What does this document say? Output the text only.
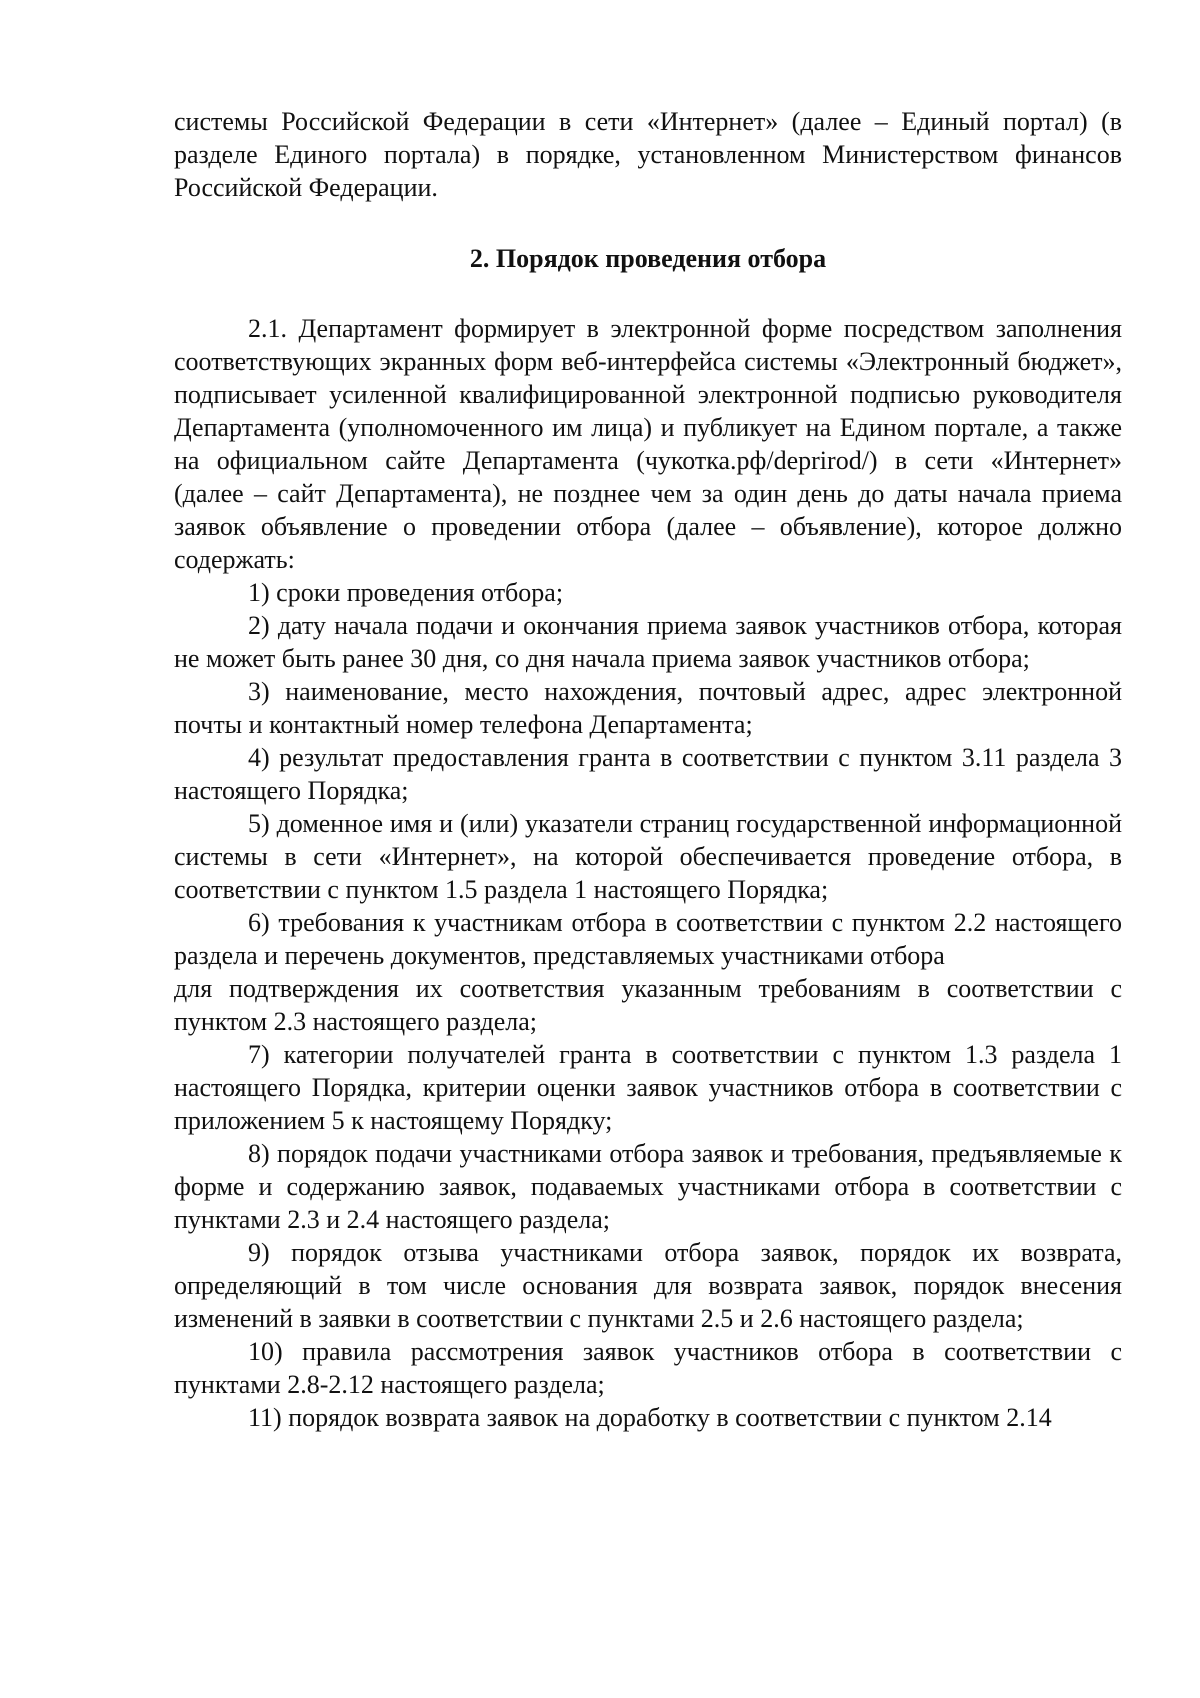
системы Российской Федерации в сети «Интернет» (далее – Единый портал) (в разделе Единого портала) в порядке, установленном Министерством финансов Российской Федерации.

2. Порядок проведения отбора

2.1. Департамент формирует в электронной форме посредством заполнения соответствующих экранных форм веб-интерфейса системы «Электронный бюджет», подписывает усиленной квалифицированной электронной подписью руководителя Департамента (уполномоченного им лица) и публикует на Едином портале, а также на официальном сайте Департамента (чукотка.рф/deprirod/) в сети «Интернет» (далее – сайт Департамента), не позднее чем за один день до даты начала приема заявок объявление о проведении отбора (далее – объявление), которое должно содержать:

1) сроки проведения отбора;

2) дату начала подачи и окончания приема заявок участников отбора, которая не может быть ранее 30 дня, со дня начала приема заявок участников отбора;

3) наименование, место нахождения, почтовый адрес, адрес электронной почты и контактный номер телефона Департамента;

4) результат предоставления гранта в соответствии с пунктом 3.11 раздела 3 настоящего Порядка;

5) доменное имя и (или) указатели страниц государственной информационной системы в сети «Интернет», на которой обеспечивается проведение отбора, в соответствии с пунктом 1.5 раздела 1 настоящего Порядка;

6) требования к участникам отбора в соответствии с пунктом 2.2 настоящего раздела и перечень документов, представляемых участниками отбора

для подтверждения их соответствия указанным требованиям в соответствии с пунктом 2.3 настоящего раздела;

7) категории получателей гранта в соответствии с пунктом 1.3 раздела 1 настоящего Порядка, критерии оценки заявок участников отбора в соответствии с приложением 5 к настоящему Порядку;

8) порядок подачи участниками отбора заявок и требования, предъявляемые к форме и содержанию заявок, подаваемых участниками отбора в соответствии с пунктами 2.3 и 2.4 настоящего раздела;

9) порядок отзыва участниками отбора заявок, порядок их возврата, определяющий в том числе основания для возврата заявок, порядок внесения изменений в заявки в соответствии с пунктами 2.5 и 2.6 настоящего раздела;

10) правила рассмотрения заявок участников отбора в соответствии с пунктами 2.8-2.12 настоящего раздела;

11) порядок возврата заявок на доработку в соответствии с пунктом 2.14
